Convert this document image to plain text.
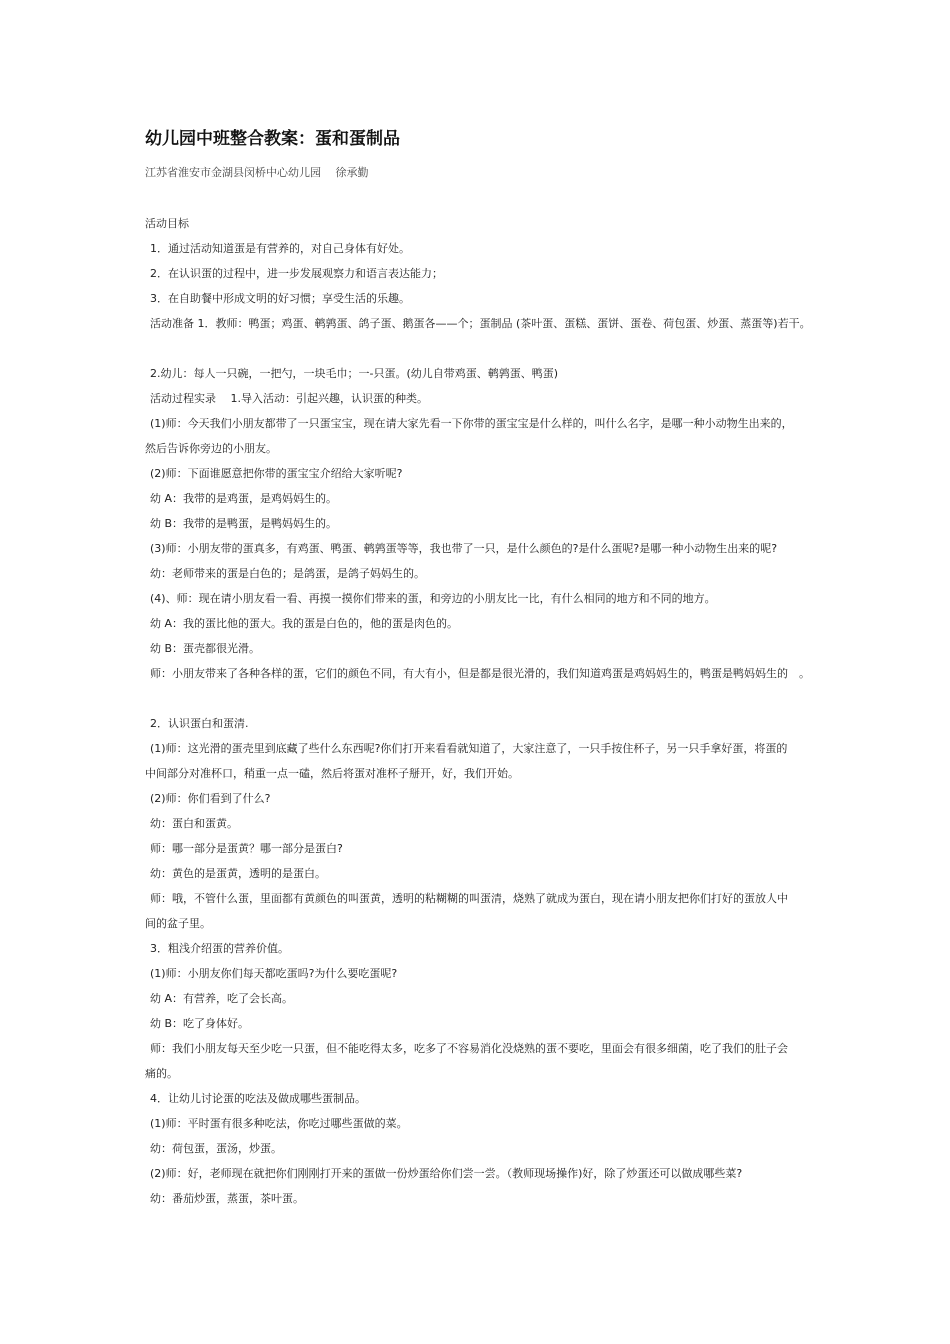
幼儿园中班整合教案：蛋和蛋制品
江苏省淮安市金湖县闵桥中心幼儿园　 徐承勤
活动目标
1．通过活动知道蛋是有营养的，对自己身体有好处。
2．在认识蛋的过程中，进一步发展观察力和语言表达能力；
3．在自助餐中形成文明的好习惯；享受生活的乐趣。
活动准备 1．教师：鸭蛋；鸡蛋、鹌鹑蛋、鸽子蛋、鹅蛋各——个；蛋制品 (茶叶蛋、蛋糕、蛋饼、蛋卷、荷包蛋、炒蛋、蒸蛋等)若干。
2.幼儿：每人一只碗，一把勺，一块毛巾；一-只蛋。(幼儿自带鸡蛋、鹌鹑蛋、鸭蛋)
活动过程实录　 1.导入活动：引起兴趣，认识蛋的种类。
(1)师：今天我们小朋友都带了一只蛋宝宝，现在请大家先看一下你带的蛋宝宝是什么样的，叫什么名字，是哪一种小动物生出来的，
然后告诉你旁边的小朋友。
(2)师：下面谁愿意把你带的蛋宝宝介绍给大家听呢?
幼 A：我带的是鸡蛋，是鸡妈妈生的。
幼 B：我带的是鸭蛋，是鸭妈妈生的。
(3)师：小朋友带的蛋真多，有鸡蛋、鸭蛋、鹌鹑蛋等等，我也带了一只，是什么颜色的?是什么蛋呢?是哪一种小动物生出来的呢?
幼：老师带来的蛋是白色的；是鸽蛋，是鸽子妈妈生的。
(4)、师：现在请小朋友看一看、再摸一摸你们带来的蛋，和旁边的小朋友比一比，有什么相同的地方和不同的地方。
幼 A：我的蛋比他的蛋大。我的蛋是白色的，他的蛋是肉色的。
幼 B：蛋壳都很光滑。
师：小朋友带来了各种各样的蛋，它们的颜色不同，有大有小，但是都是很光滑的，我们知道鸡蛋是鸡妈妈生的，鸭蛋是鸭妈妈生的　。
2．认识蛋白和蛋清.
(1)师：这光滑的蛋壳里到底藏了些什么东西呢?你们打开来看看就知道了，大家注意了，一只手按住杯子，另一只手拿好蛋，将蛋的
中间部分对准杯口，稍重一点一磕，然后将蛋对准杯子掰开，好，我们开始。
(2)师：你们看到了什么?
幼：蛋白和蛋黄。
师：哪一部分是蛋黄？哪一部分是蛋白?
幼：黄色的是蛋黄，透明的是蛋白。
师：哦，不管什么蛋，里面都有黄颜色的叫蛋黄，透明的粘糊糊的叫蛋清，烧熟了就成为蛋白，现在请小朋友把你们打好的蛋放人中
间的盆子里。
3．粗浅介绍蛋的营养价值。
(1)师：小朋友你们每天都吃蛋吗?为什么要吃蛋呢?
幼 A：有营养，吃了会长高。
幼 B：吃了身体好。
师：我们小朋友每天至少吃一只蛋，但不能吃得太多，吃多了不容易消化没烧熟的蛋不要吃，里面会有很多细菌，吃了我们的肚子会
痛的。
4．让幼儿讨论蛋的吃法及做成哪些蛋制品。
(1)师：平时蛋有很多种吃法，你吃过哪些蛋做的菜。
幼：荷包蛋，蛋汤，炒蛋。
(2)师：好，老师现在就把你们刚刚打开来的蛋做一份炒蛋给你们尝一尝。（教师现场操作)好，除了炒蛋还可以做成哪些菜?
幼：番茄炒蛋，蒸蛋，茶叶蛋。
